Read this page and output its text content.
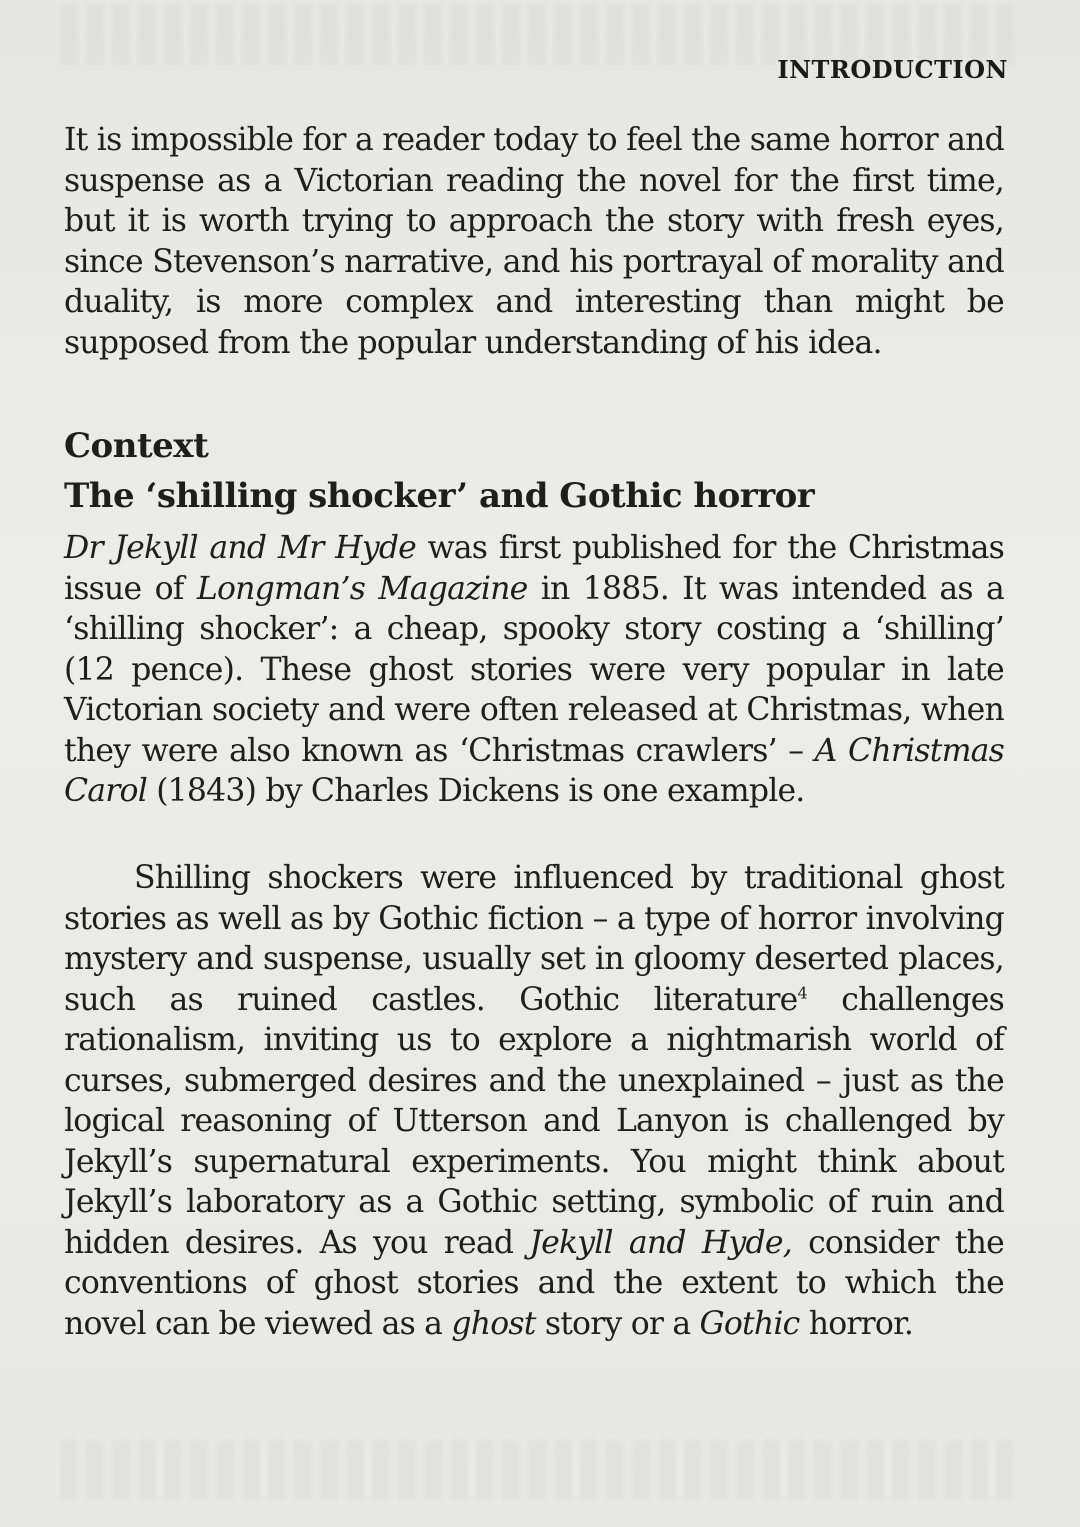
INTRODUCTION

It is impossible for a reader today to feel the same horror and suspense as a Victorian reading the novel for the first time, but it is worth trying to approach the story with fresh eyes, since Stevenson’s narrative, and his portrayal of morality and duality, is more complex and interesting than might be supposed from the popular understanding of his idea.

Context
The ‘shilling shocker’ and Gothic horror

Dr Jekyll and Mr Hyde was first published for the Christmas issue of Longman’s Magazine in 1885. It was intended as a ‘shilling shocker’: a cheap, spooky story costing a ‘shilling’ (12 pence). These ghost stories were very popular in late Victorian society and were often released at Christmas, when they were also known as ‘Christmas crawlers’ – A Christmas Carol (1843) by Charles Dickens is one example.

Shilling shockers were influenced by traditional ghost stories as well as by Gothic fiction – a type of horror involving mystery and suspense, usually set in gloomy deserted places, such as ruined castles. Gothic literature$^4$ challenges rationalism, inviting us to explore a nightmarish world of curses, submerged desires and the unexplained – just as the logical reasoning of Utterson and Lanyon is challenged by Jekyll’s supernatural experiments. You might think about Jekyll’s laboratory as a Gothic setting, symbolic of ruin and hidden desires. As you read Jekyll and Hyde, consider the conventions of ghost stories and the extent to which the novel can be viewed as a ghost story or a Gothic horror.
